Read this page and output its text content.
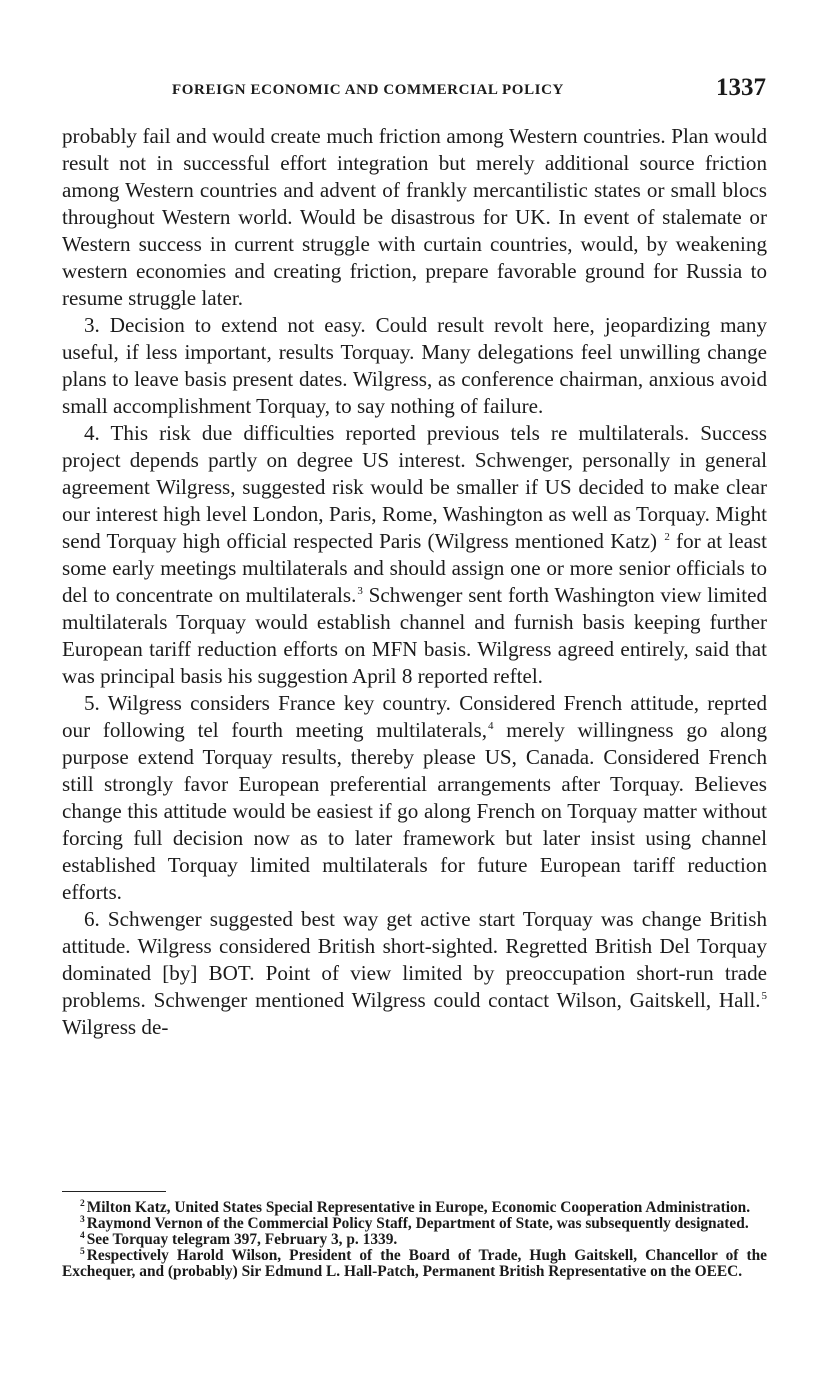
FOREIGN ECONOMIC AND COMMERCIAL POLICY	1337

probably fail and would create much friction among Western countries. Plan would result not in successful effort integration but merely additional source friction among Western countries and advent of frankly mercantilistic states or small blocs throughout Western world. Would be disastrous for UK. In event of stalemate or Western success in current struggle with curtain countries, would, by weakening western economies and creating friction, prepare favorable ground for Russia to resume struggle later.

3. Decision to extend not easy. Could result revolt here, jeopardizing many useful, if less important, results Torquay. Many delegations feel unwilling change plans to leave basis present dates. Wilgress, as conference chairman, anxious avoid small accomplishment Torquay, to say nothing of failure.

4. This risk due difficulties reported previous tels re multilaterals. Success project depends partly on degree US interest. Schwenger, personally in general agreement Wilgress, suggested risk would be smaller if US decided to make clear our interest high level London, Paris, Rome, Washington as well as Torquay. Might send Torquay high official respected Paris (Wilgress mentioned Katz) $^2$ for at least some early meetings multilaterals and should assign one or more senior officials to del to concentrate on multilaterals.$^3$ Schwenger sent forth Washington view limited multilaterals Torquay would establish channel and furnish basis keeping further European tariff reduction efforts on MFN basis. Wilgress agreed entirely, said that was principal basis his suggestion April 8 reported reftel.

5. Wilgress considers France key country. Considered French attitude, reprted our following tel fourth meeting multilaterals,$^4$ merely willingness go along purpose extend Torquay results, thereby please US, Canada. Considered French still strongly favor European preferential arrangements after Torquay. Believes change this attitude would be easiest if go along French on Torquay matter without forcing full decision now as to later framework but later insist using channel established Torquay limited multilaterals for future European tariff reduction efforts.

6. Schwenger suggested best way get active start Torquay was change British attitude. Wilgress considered British short-sighted. Regretted British Del Torquay dominated [by] BOT. Point of view limited by preoccupation short-run trade problems. Schwenger mentioned Wilgress could contact Wilson, Gaitskell, Hall.$^5$ Wilgress de-

$^2$ Milton Katz, United States Special Representative in Europe, Economic Cooperation Administration.

$^3$ Raymond Vernon of the Commercial Policy Staff, Department of State, was subsequently designated.

$^4$ See Torquay telegram 397, February 3, p. 1339.

$^5$ Respectively Harold Wilson, President of the Board of Trade, Hugh Gaitskell, Chancellor of the Exchequer, and (probably) Sir Edmund L. Hall-Patch, Permanent British Representative on the OEEC.
